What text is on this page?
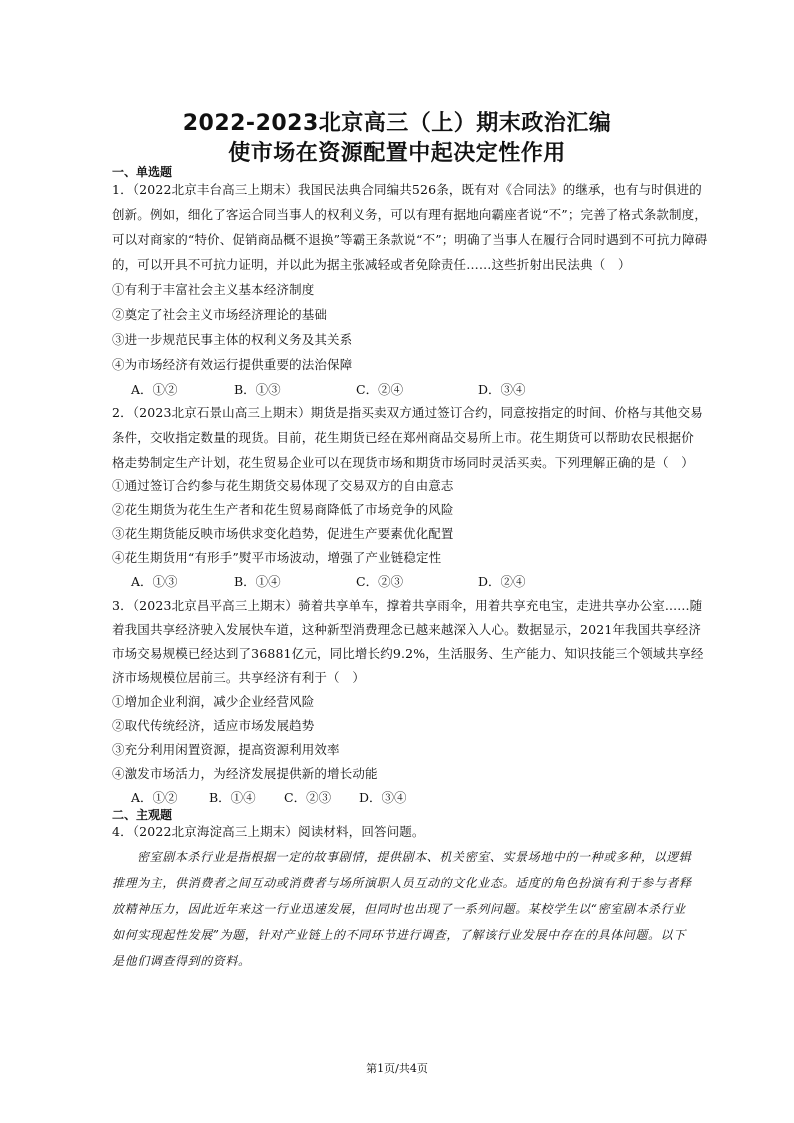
2022-2023北京高三（上）期末政治汇编
使市场在资源配置中起决定性作用
一、单选题
1．（2022北京丰台高三上期末）我国民法典合同编共526条，既有对《合同法》的继承，也有与时俱进的
创新。例如，细化了客运合同当事人的权利义务，可以有理有据地向霸座者说“不”；完善了格式条款制度，
可以对商家的“特价、促销商品概不退换”等霸王条款说“不”；明确了当事人在履行合同时遇到不可抗力障碍
的，可以开具不可抗力证明，并以此为据主张减轻或者免除责任……这些折射出民法典（　）
①有利于丰富社会主义基本经济制度
②奠定了社会主义市场经济理论的基础
③进一步规范民事主体的权利义务及其关系
④为市场经济有效运行提供重要的法治保障
A．①②	B．①③	C．②④	D．③④
2．（2023北京石景山高三上期末）期货是指买卖双方通过签订合约，同意按指定的时间、价格与其他交易
条件，交收指定数量的现货。目前，花生期货已经在郑州商品交易所上市。花生期货可以帮助农民根据价
格走势制定生产计划，花生贸易企业可以在现货市场和期货市场同时灵活买卖。下列理解正确的是（　）
①通过签订合约参与花生期货交易体现了交易双方的自由意志
②花生期货为花生生产者和花生贸易商降低了市场竞争的风险
③花生期货能反映市场供求变化趋势，促进生产要素优化配置
④花生期货用“有形手”熨平市场波动，增强了产业链稳定性
A．①③	B．①④	C．②③	D．②④
3．（2023北京昌平高三上期末）骑着共享单车，撑着共享雨伞，用着共享充电宝，走进共享办公室......随
着我国共享经济驶入发展快车道，这种新型消费理念已越来越深入人心。数据显示，2021年我国共享经济
市场交易规模已经达到了36881亿元，同比增长约9.2%，生活服务、生产能力、知识技能三个领域共享经
济市场规模位居前三。共享经济有利于（　）
①增加企业利润，减少企业经营风险
②取代传统经济，适应市场发展趋势
③充分利用闲置资源，提高资源利用效率
④激发市场活力，为经济发展提供新的增长动能
A．①②	B．①④ C．②③ D．③④
二、主观题
4．（2022北京海淀高三上期末）阅读材料，回答问题。
密室剧本杀行业是指根据一定的故事剧情，提供剧本、机关密室、实景场地中的一种或多种，以逻辑
推理为主，供消费者之间互动或消费者与场所演职人员互动的文化业态。适度的角色扮演有利于参与者释
放精神压力，因此近年来这一行业迅速发展，但同时也出现了一系列问题。某校学生以“密室剧本杀行业
如何实现起性发展”为题，针对产业链上的不同环节进行调查，了解该行业发展中存在的具体问题。以下
是他们调查得到的资料。
第1页/共4页
